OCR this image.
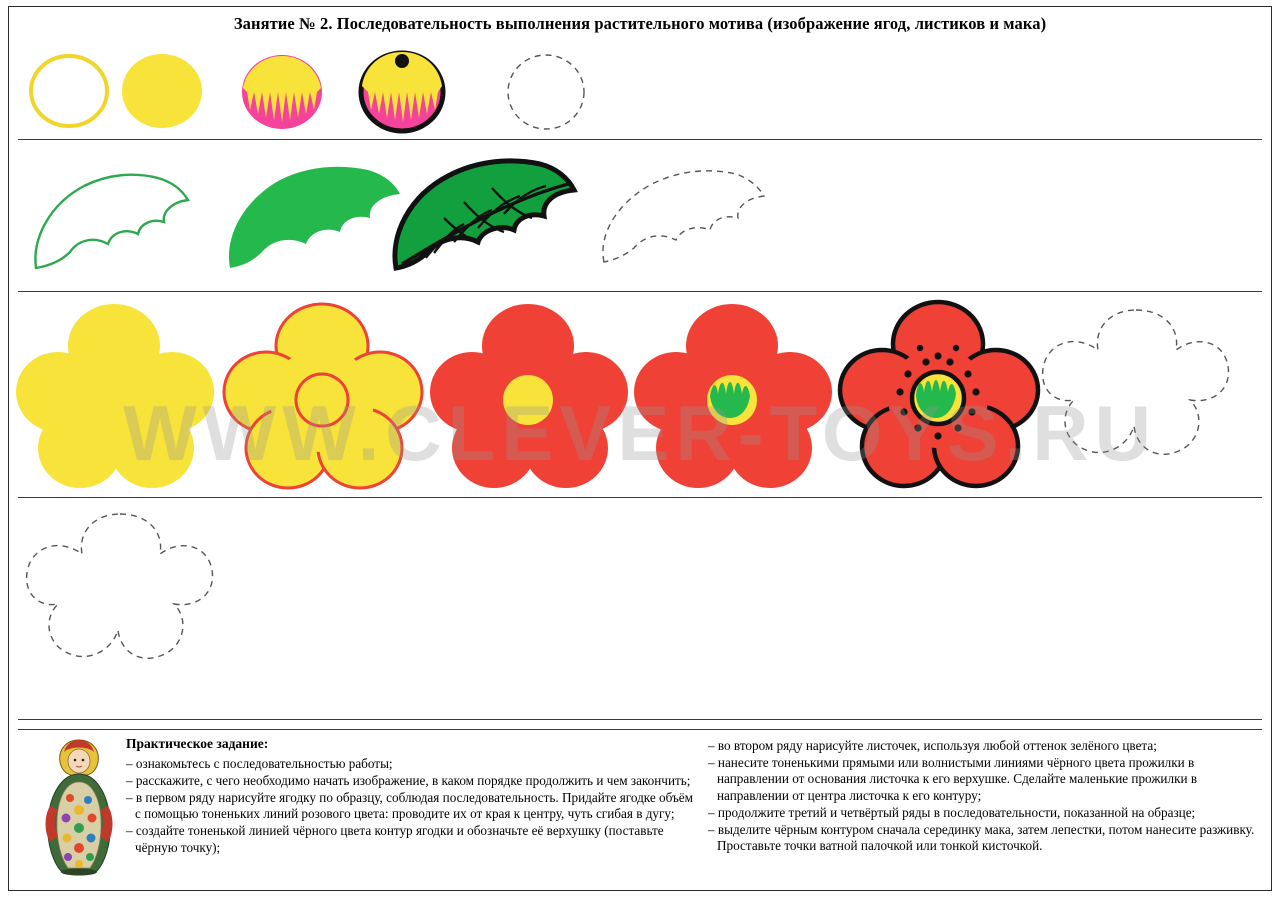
Занятие № 2. Последовательность выполнения растительного мотива (изображение ягод, листиков и мака)
WWW.CLEVER-TOYS.RU
Практическое задание:

– ознакомьтесь с последовательностью работы;

– расскажите, с чего необходимо начать изображение, в каком порядке продолжить и чем закончить;

– в первом ряду нарисуйте ягодку по образцу, соблюдая последовательность. Придайте ягодке объём с помощью тоненьких линий розового цвета: проводите их от края к центру, чуть сгибая в дугу;

– создайте тоненькой линией чёрного цвета контур ягодки и обозначьте её верхушку (поставьте чёрную точку);

– во втором ряду нарисуйте листочек, используя любой оттенок зелёного цвета;

– нанесите тоненькими прямыми или волнистыми линиями чёрного цвета прожилки в направлении от основания листочка к его верхушке. Сделайте маленькие прожилки в направлении от центра листочка к его контуру;

– продолжите третий и четвёртый ряды в последовательности, показанной на образце;

– выделите чёрным контуром сначала серединку мака, затем лепестки, потом нанесите разживку. Проставьте точки ватной палочкой или тонкой кисточкой.
